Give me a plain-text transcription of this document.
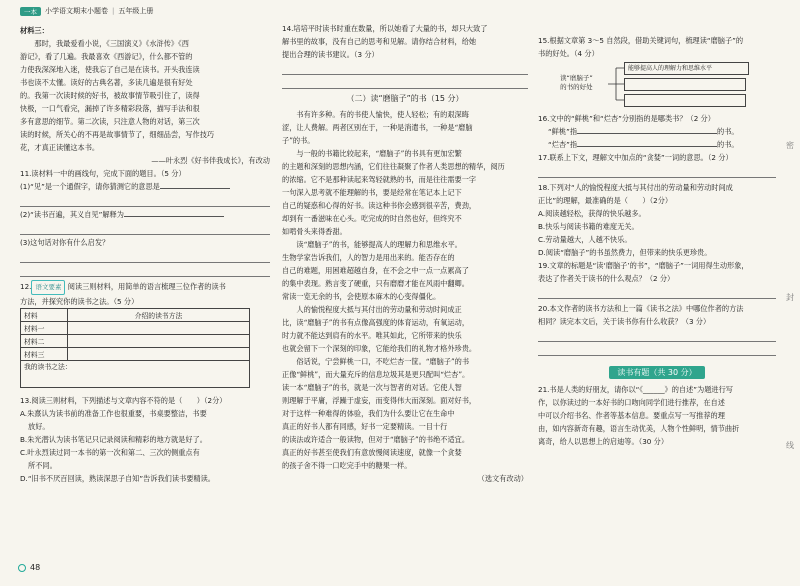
一本	小学语文期末小题卷 | 五年级上册
材料三：
　　那时，我最爱看小说，《三国演义》《水浒传》《西
游记》，看了几遍。我最喜欢《西游记》，什么都不管的
力使我深深地入迷，使我忘了自己是在读书。开头我连读
书也读不太懂。读好的古典名著，多读几遍是很有好处
的。我第一次读时候的好书，被故事情节吸引住了，读得
快极，一口气看完，漏掉了许多精彩段落，描写手法和很
多有意思的细节。第二次读，只注意人物的对话，第三次
读的时候，所关心的不再是故事情节了，细细品尝，写作技巧
花，才真正读懂这本书。
——叶永烈《好书伴我成长》，有改动
11.读材料一中的画线句，完成下面的题目。（5 分）
(1)“见”是一个通假字，请你猜测它的意思是
(2)“读书百遍，其义自见”解释为
(3)这句话对你有什么启发？
12. 语文要素 阅读三则材料，用简单的语言梳理三位作者的读书
方法，并探究你的读书之法。（5 分）
材料	介绍的读书方法
材料一	
材料二	
材料三	
我的读书之法：	
13.阅读三则材料，下列描述与文章内容不符的是（　　）（2分）
A.朱熹认为读书前的准备工作也很重要，书桌要整洁，书要
放好。
B.朱光潜认为读书笔记只记录阅读和精彩的地方就是好了。
C.叶永烈读过同一本书的第一次和第二、三次的侧重点有
所不同。
D.“旧书不厌百回读，熟读深思子自知”告诉我们读书要精读。
48
14.培培平时读书时重在数量，所以她看了大量的书，却只大致了
解书里的故事，没有自己的思考和见解。请你结合材料，给她
提出合理的读书建议。（3 分）
（二）读“磨脑子”的书（15 分）
　　书有许多种。有的书使人愉快，使人轻松；有的艰深晦
涩，让人费解。两者区别在于，一种是消遣书，一种是“磨脑
子”的书。
　　与一般的书籍比较起来，“磨脑子”的书具有更加宏繁
的主题和深刻的思想内涵，它们往往凝聚了作者人类思想的精华，阅历
的浓缩。它不是那种读起来驾轻就熟的书，而是往往需要一字
一句深入思考就不能理解的书，要是经常在笔记本上记下
自己的疑惑和心得的好书。读这种书你会感到很辛苦，费劲，
却到有一番滋味在心头。吃完成的时自然也好，但终究不
如啃骨头来得香甜。
　　读“磨脑子”的书，能够提高人的理解力和思维水平。
生物学家告诉我们，人的智力是用出来的。能否存在的
自己的难题，用困难超越自身，在不会之中一点一点累高了
的集中表现。熟言变了硬重，只有磨磨才能在风雨中翻卿。
常读一览无余的书，会使原本麻木的心变得僵化。
　　人的愉悦程度大抵与其付出的劳动量和劳动时间成正
比，读“磨脑子”的书有点像高强度的体育运动，有氧运动，
时力就不能达到肩有的水平。唯其如此，它所带来的快乐
也就会留下一个深刻的印象，它能给我们的礼物才格外珍贵。
　　俗话说，宁尝鲜桃一口，不吃烂杏一筐。“磨脑子”的书
正像“鲜桃”，而大量充斥的信息垃圾其是更只配叫“烂杏”。
读一本“磨脑子”的书，就是一次与智者的对话。它使人智
则理解于平庸，浮躁于虚妄，而变得伟大而深刻。面对好书，
对于这样一种难得的体验，我们为什么要让它在生命中
真正的好书人都有同感，好书一定要精读。一目十行
的读法或许适合一般读物，但对于“磨脑子”的书绝不适宜。
真正的好书甚至使我们有意放慢阅读速度，就像一个贪婪
的孩子舍不得一口吃完手中的糖果一样。
（选文有改动）
15.根据文章第 3～5 自然段，借助关键词句，梳理读“磨脑子”的
书的好处。（4 分）
读“磨脑子”
的书的好处
能够提高人的理解力和思维水平
16.文中的“鲜桃”和“烂杏”分别指的是哪类书？（2 分）
“鲜桃”指	的书。
“烂杏”指	的书。
17.联系上下文，理解文中加点的“贪婪”一词的意思。（2 分）
18.下列对“人的愉悦程度大抵与其付出的劳动量和劳动时间成
正比”的理解，最准确的是（　　）（2分）
A.阅读越轻松，获得的快乐越多。
B.快乐与阅读书籍的难度无关。
C.劳动量越大，人越不快乐。
D.阅读“磨脑子”的书虽然费力，但带来的快乐更珍贵。
19.文章的标题是“读‘磨脑子’的书”，“磨脑子”一词用得生动形象，
表达了作者关于读书的什么观点？（2 分）
20.本文作者的读书方法和上一篇《读书之法》中哪位作者的方法
相同？读完本文后，关于读书你有什么收获？（3 分）
读书有题（共 30 分）
21.书是人类的好朋友，请你以“《______》的自述”为题进行写
作，以你读过的一本好书的口吻向同学们进行推荐，在自述
中可以介绍书名、作者等基本信息。要重点写一写推荐的理
由，如内容新奇有趣，语言生动优美，人物个性鲜明，情节曲折
离奇，给人以思想上的启迪等。（30 分）
密
封
线
